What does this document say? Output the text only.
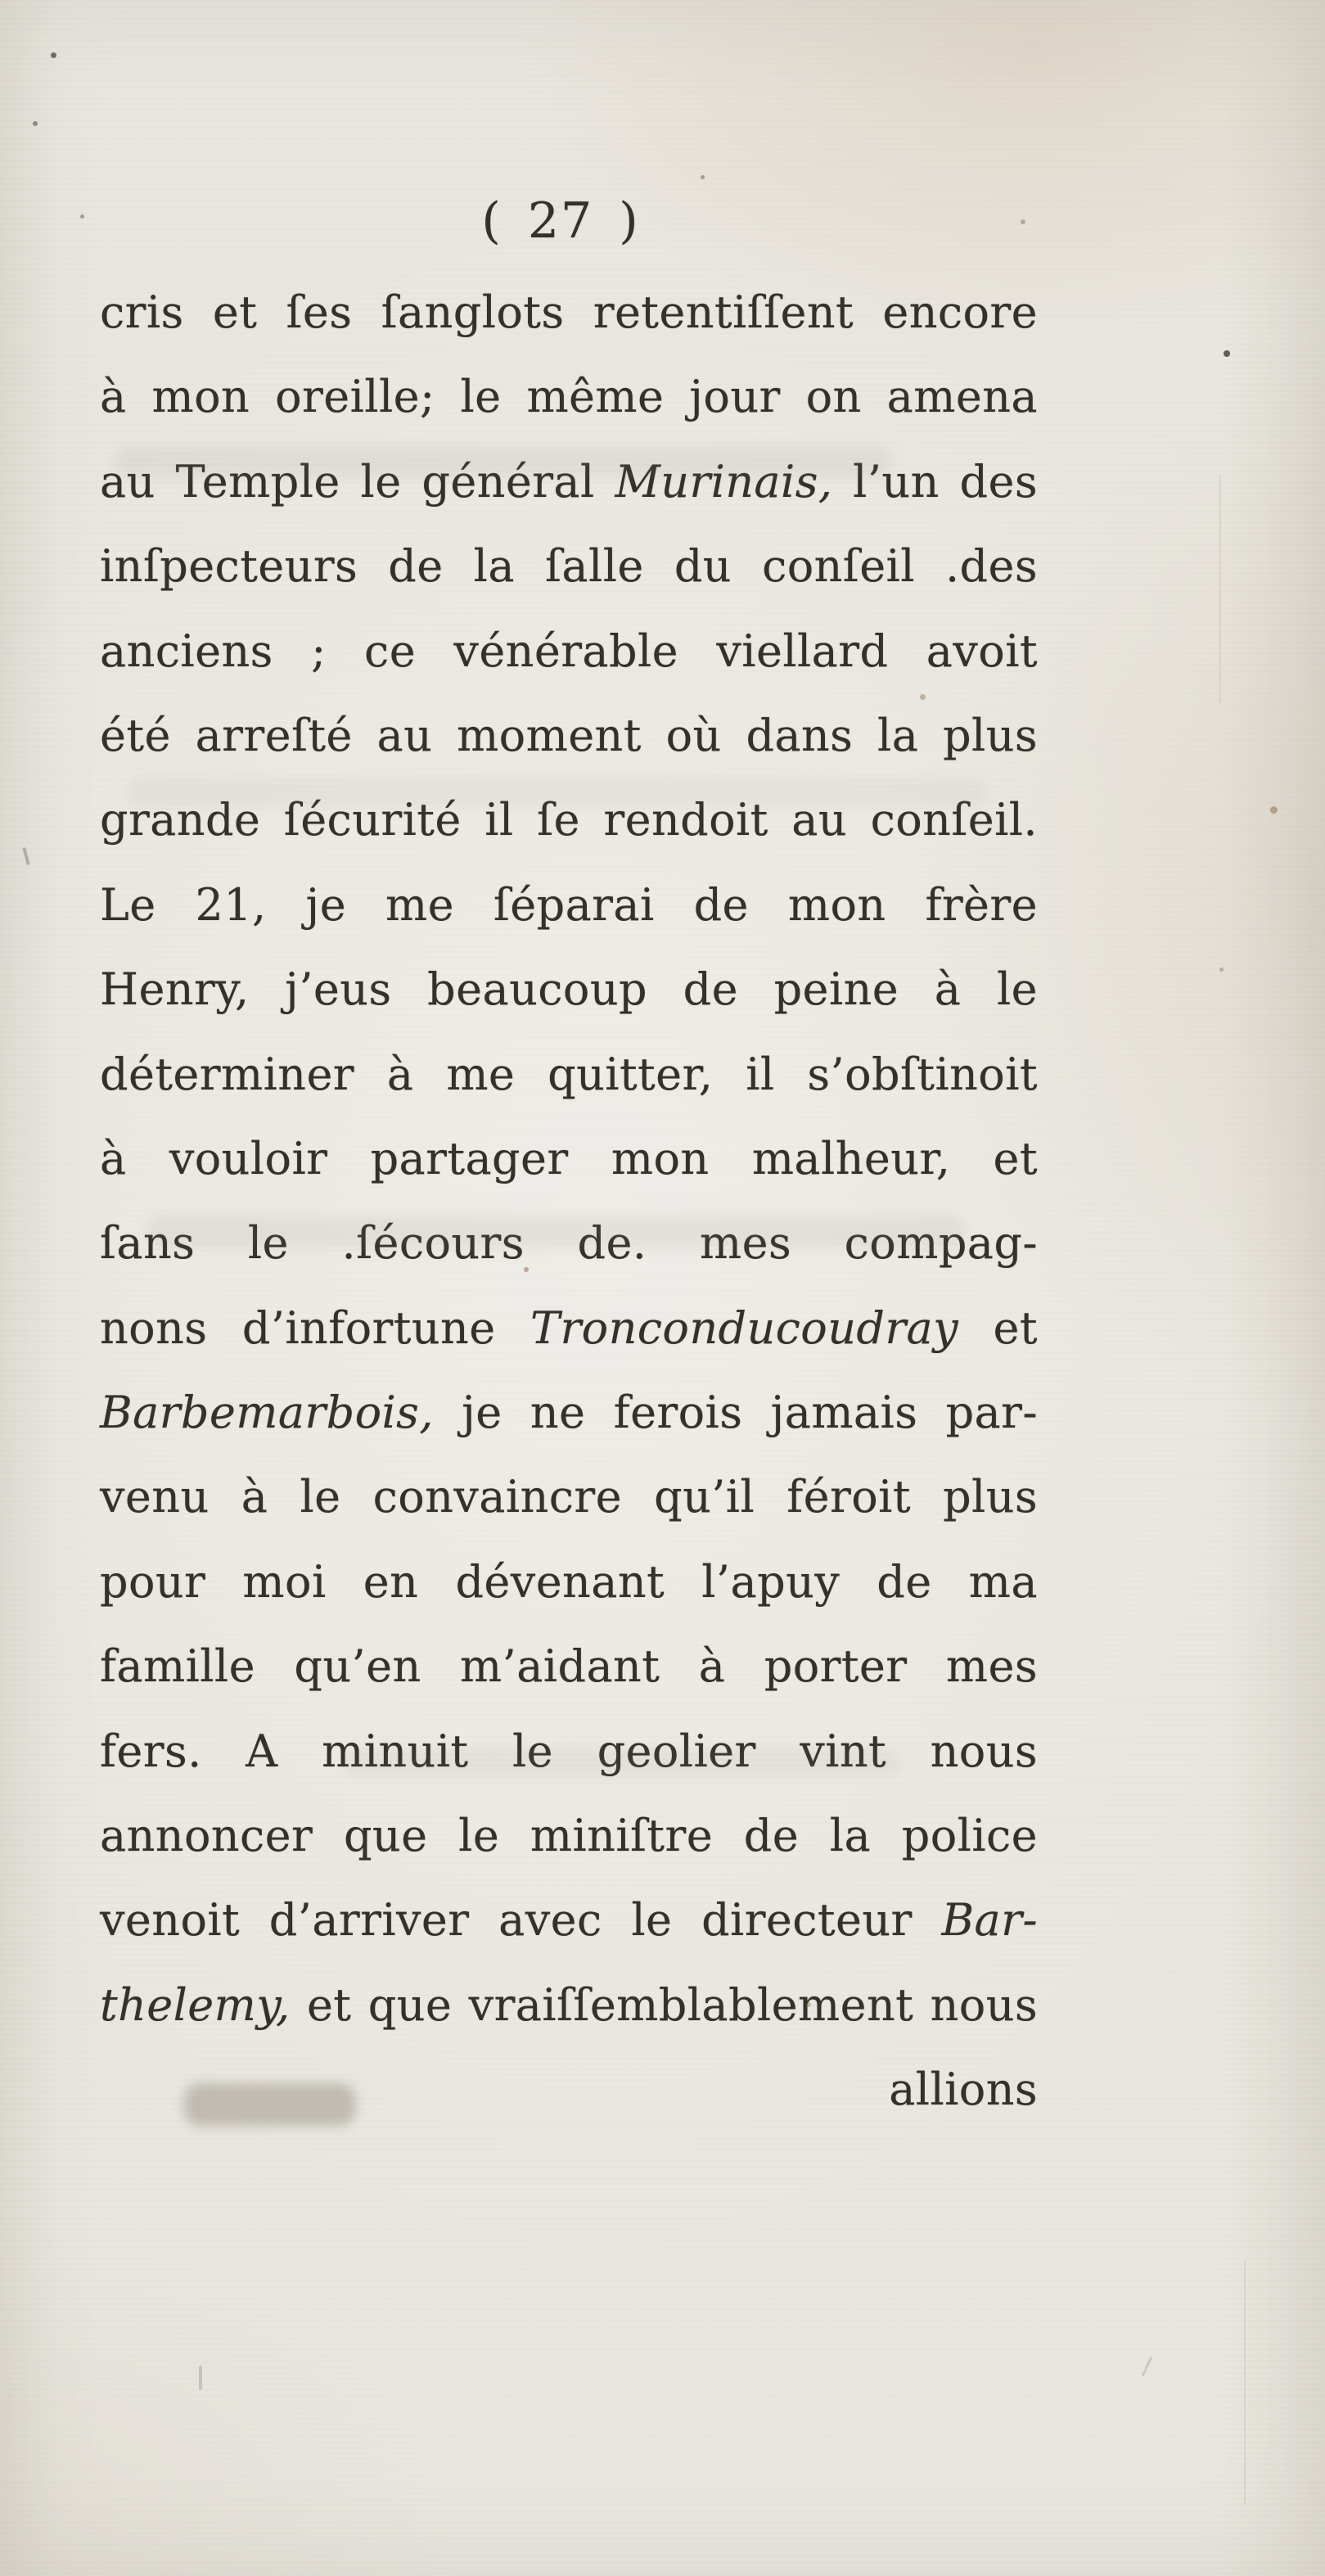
( 27 )
cris et ſes ſanglots retentiſſent encore
à mon oreille; le même jour on amena
au Temple le général Murinais, l’un des
inſpecteurs de la ſalle du conſeil .des
anciens ; ce vénérable viellard avoit
été arreſté au moment où dans la plus
grande ſécurité il ſe rendoit au conſeil.
Le 21, je me ſéparai de mon frère
Henry, j’eus beaucoup de peine à le
déterminer à me quitter, il s’obſtinoit
à vouloir partager mon malheur, et
ſans le .ſécours de. mes compag-
nons d’infortune Tronconducoudray et
Barbemarbois, je ne ferois jamais par-
venu à le convaincre qu’il féroit plus
pour moi en dévenant l’apuy de ma
famille qu’en m’aidant à porter mes
fers. A minuit le geolier vint nous
annoncer que le miniſtre de la police
venoit d’arriver avec le directeur Bar-
thelemy, et que vraiſſemblablement nous
allions
